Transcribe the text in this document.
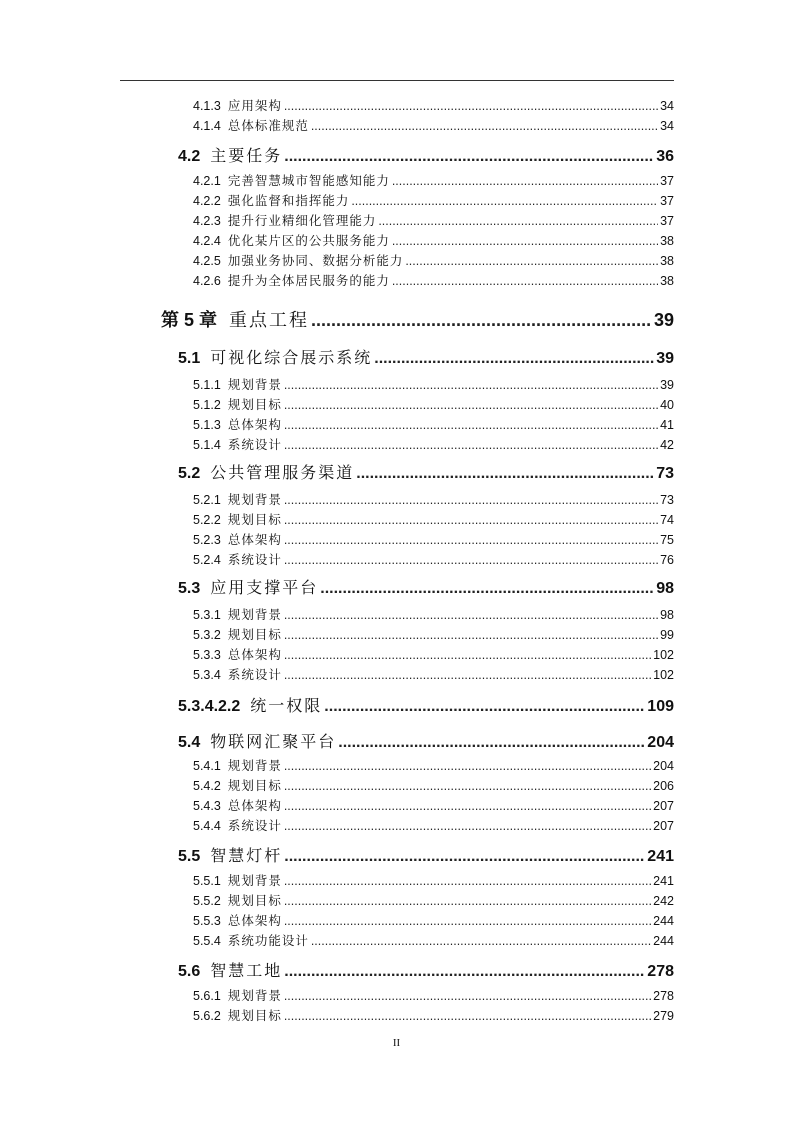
4.1.3 应用架构 .....	34
4.1.4 总体标准规范 .....	34
4.2 主要任务 .....	36
4.2.1 完善智慧城市智能感知能力 .....	37
4.2.2 强化监督和指挥能力 .....	37
4.2.3 提升行业精细化管理能力 .....	37
4.2.4 优化某片区的公共服务能力 .....	38
4.2.5 加强业务协同、数据分析能力 .....	38
4.2.6 提升为全体居民服务的能力 .....	38
第 5 章 重点工程 .....	39
5.1 可视化综合展示系统 .....	39
5.1.1 规划背景 .....	39
5.1.2 规划目标 .....	40
5.1.3 总体架构 .....	41
5.1.4 系统设计 .....	42
5.2 公共管理服务渠道 .....	73
5.2.1 规划背景 .....	73
5.2.2 规划目标 .....	74
5.2.3 总体架构 .....	75
5.2.4 系统设计 .....	76
5.3 应用支撑平台 .....	98
5.3.1 规划背景 .....	98
5.3.2 规划目标 .....	99
5.3.3 总体架构 .....	102
5.3.4 系统设计 .....	102
5.3.4.2.2 统一权限 .....	109
5.4 物联网汇聚平台 .....	204
5.4.1 规划背景 .....	204
5.4.2 规划目标 .....	206
5.4.3 总体架构 .....	207
5.4.4 系统设计 .....	207
5.5 智慧灯杆 .....	241
5.5.1 规划背景 .....	241
5.5.2 规划目标 .....	242
5.5.3 总体架构 .....	244
5.5.4 系统功能设计 .....	244
5.6 智慧工地 .....	278
5.6.1 规划背景 .....	278
5.6.2 规划目标 .....	279
II
